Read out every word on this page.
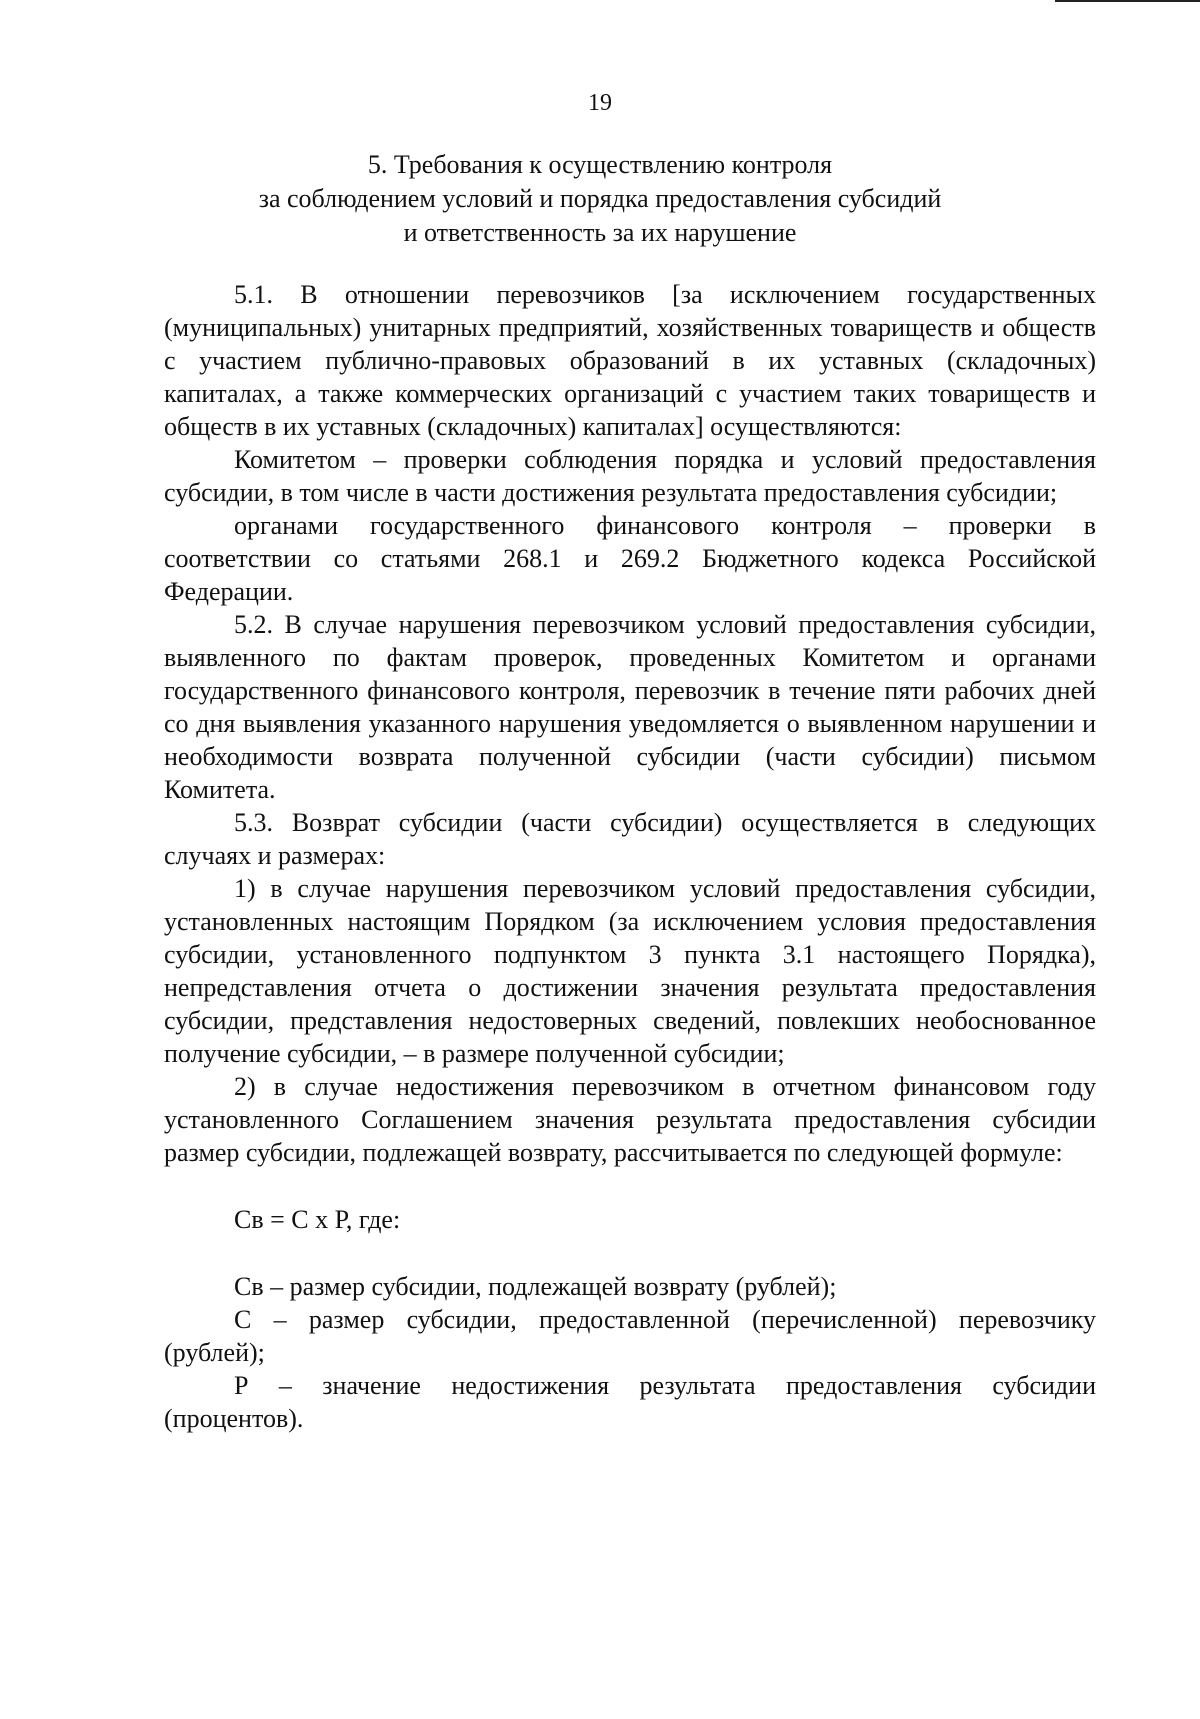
19
5. Требования к осуществлению контроля
за соблюдением условий и порядка предоставления субсидий
и ответственность за их нарушение

5.1. В отношении перевозчиков [за исключением государственных (муниципальных) унитарных предприятий, хозяйственных товариществ и обществ с участием публично-правовых образований в их уставных (складочных) капиталах, а также коммерческих организаций с участием таких товариществ и обществ в их уставных (складочных) капиталах] осуществляются:

Комитетом – проверки соблюдения порядка и условий предоставления субсидии, в том числе в части достижения результата предоставления субсидии;

органами государственного финансового контроля – проверки в соответствии со статьями 268.1 и 269.2 Бюджетного кодекса Российской Федерации.

5.2. В случае нарушения перевозчиком условий предоставления субсидии, выявленного по фактам проверок, проведенных Комитетом и органами государственного финансового контроля, перевозчик в течение пяти рабочих дней со дня выявления указанного нарушения уведомляется о выявленном нарушении и необходимости возврата полученной субсидии (части субсидии) письмом Комитета.

5.3. Возврат субсидии (части субсидии) осуществляется в следующих случаях и размерах:

1) в случае нарушения перевозчиком условий предоставления субсидии, установленных настоящим Порядком (за исключением условия предоставления субсидии, установленного подпунктом 3 пункта 3.1 настоящего Порядка), непредставления отчета о достижении значения результата предоставления субсидии, представления недостоверных сведений, повлекших необоснованное получение субсидии, – в размере полученной субсидии;

2) в случае недостижения перевозчиком в отчетном финансовом году установленного Соглашением значения результата предоставления субсидии размер субсидии, подлежащей возврату, рассчитывается по следующей формуле:

Св = С х Р, где:

Св – размер субсидии, подлежащей возврату (рублей);

С – размер субсидии, предоставленной (перечисленной) перевозчику (рублей);

Р – значение недостижения результата предоставления субсидии (процентов).
